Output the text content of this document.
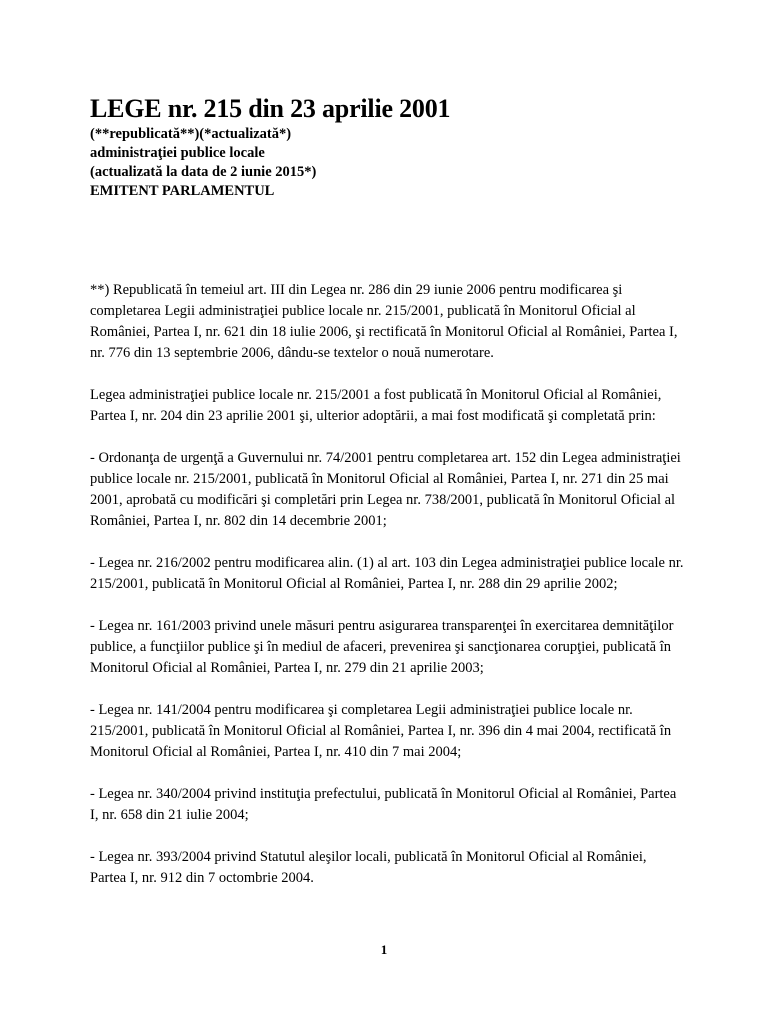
LEGE nr. 215 din 23 aprilie 2001

(**republicată**)(*actualizată*)

administraţiei publice locale

(actualizată la data de 2 iunie 2015*)

EMITENT PARLAMENTUL

**) Republicată în temeiul art. III din Legea nr. 286 din 29 iunie 2006 pentru modificarea şi completarea Legii administraţiei publice locale nr. 215/2001, publicată în Monitorul Oficial al României, Partea I, nr. 621 din 18 iulie 2006, şi rectificată în Monitorul Oficial al României, Partea I, nr. 776 din 13 septembrie 2006, dându-se textelor o nouă numerotare.

Legea administraţiei publice locale nr. 215/2001 a fost publicată în Monitorul Oficial al României, Partea I, nr. 204 din 23 aprilie 2001 şi, ulterior adoptării, a mai fost modificată şi completată prin:

- Ordonanţa de urgenţă a Guvernului nr. 74/2001 pentru completarea art. 152 din Legea administraţiei publice locale nr. 215/2001, publicată în Monitorul Oficial al României, Partea I, nr. 271 din 25 mai 2001, aprobată cu modificări şi completări prin Legea nr. 738/2001, publicată în Monitorul Oficial al României, Partea I, nr. 802 din 14 decembrie 2001;

- Legea nr. 216/2002 pentru modificarea alin. (1) al art. 103 din Legea administraţiei publice locale nr. 215/2001, publicată în Monitorul Oficial al României, Partea I, nr. 288 din 29 aprilie 2002;

- Legea nr. 161/2003 privind unele măsuri pentru asigurarea transparenţei în exercitarea demnităţilor publice, a funcţiilor publice şi în mediul de afaceri, prevenirea şi sancţionarea corupţiei, publicată în Monitorul Oficial al României, Partea I, nr. 279 din 21 aprilie 2003;

- Legea nr. 141/2004 pentru modificarea şi completarea Legii administraţiei publice locale nr. 215/2001, publicată în Monitorul Oficial al României, Partea I, nr. 396 din 4 mai 2004, rectificată în Monitorul Oficial al României, Partea I, nr. 410 din 7 mai 2004;

- Legea nr. 340/2004 privind instituţia prefectului, publicată în Monitorul Oficial al României, Partea I, nr. 658 din 21 iulie 2004;

- Legea nr. 393/2004 privind Statutul aleşilor locali, publicată în Monitorul Oficial al României, Partea I, nr. 912 din 7 octombrie 2004.

1
